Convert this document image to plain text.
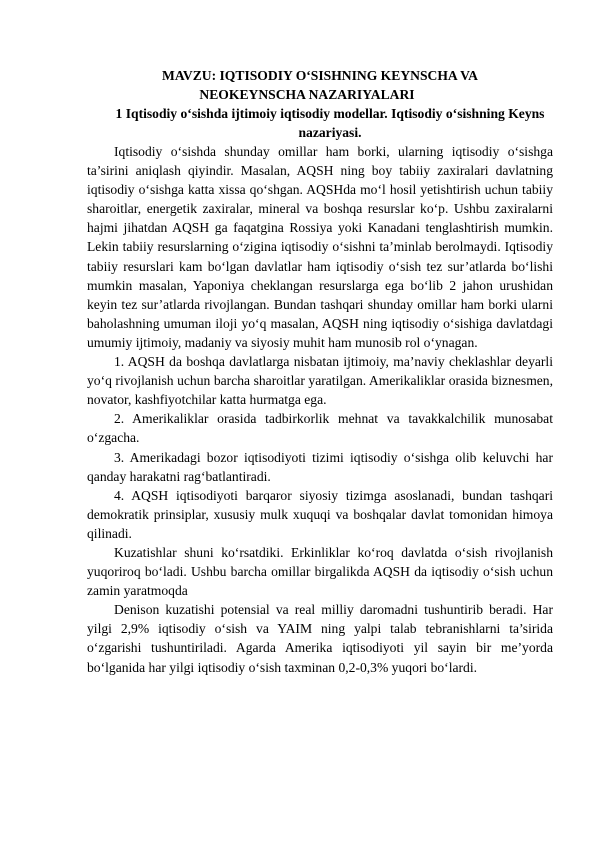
MAVZU: IQTISODIY O‘SISHNING KEYNSCHA VA
NEOKEYNSCHA NAZARIYALARI

1 Iqtisodiy o‘sishda ijtimoiy iqtisodiy modellar. Iqtisodiy o‘sishning Keyns nazariyasi.

Iqtisodiy o‘sishda shunday omillar ham borki, ularning iqtisodiy o‘sishga ta’sirini aniqlash qiyindir. Masalan, AQSH ning boy tabiiy zaxiralari davlatning iqtisodiy o‘sishga katta xissa qo‘shgan. AQSHda mo‘l hosil yetishtirish uchun tabiiy sharoitlar, energetik zaxiralar, mineral va boshqa resurslar ko‘p. Ushbu zaxiralarni hajmi jihatdan AQSH ga faqatgina Rossiya yoki Kanadani tenglashtirish mumkin. Lekin tabiiy resurslarning o‘zigina iqtisodiy o‘sishni ta’minlab berolmaydi. Iqtisodiy tabiiy resurslari kam bo‘lgan davlatlar ham iqtisodiy o‘sish tez sur’atlarda bo‘lishi mumkin masalan, Yaponiya cheklangan resurslarga ega bo‘lib 2 jahon urushidan keyin tez sur’atlarda rivojlangan. Bundan tashqari shunday omillar ham borki ularni baholashning umuman iloji yo‘q masalan, AQSH ning iqtisodiy o‘sishiga davlatdagi umumiy ijtimoiy, madaniy va siyosiy muhit ham munosib rol o‘ynagan.

1. AQSH da boshqa davlatlarga nisbatan ijtimoiy, ma’naviy cheklashlar deyarli yo‘q rivojlanish uchun barcha sharoitlar yaratilgan. Amerikaliklar orasida biznesmen, novator, kashfiyotchilar katta hurmatga ega.

2. Amerikaliklar orasida tadbirkorlik mehnat va tavakkalchilik munosabat o‘zgacha.

3. Amerikadagi bozor iqtisodiyoti tizimi iqtisodiy o‘sishga olib keluvchi har qanday harakatni rag‘batlantiradi.

4. AQSH iqtisodiyoti barqaror siyosiy tizimga asoslanadi, bundan tashqari demokratik prinsiplar, xususiy mulk xuquqi va boshqalar davlat tomonidan himoya qilinadi.

Kuzatishlar shuni ko‘rsatdiki. Erkinliklar ko‘roq davlatda o‘sish rivojlanish yuqoriroq bo‘ladi. Ushbu barcha omillar birgalikda AQSH da iqtisodiy o‘sish uchun zamin yaratmoqda

Denison kuzatishi potensial va real milliy daromadni tushuntirib beradi. Har yilgi 2,9% iqtisodiy o‘sish va YAIM ning yalpi talab tebranishlarni ta’sirida o‘zgarishi tushuntiriladi. Agarda Amerika iqtisodiyoti yil sayin bir me’yorda bo‘lganida har yilgi iqtisodiy o‘sish taxminan 0,2-0,3% yuqori bo‘lardi.
